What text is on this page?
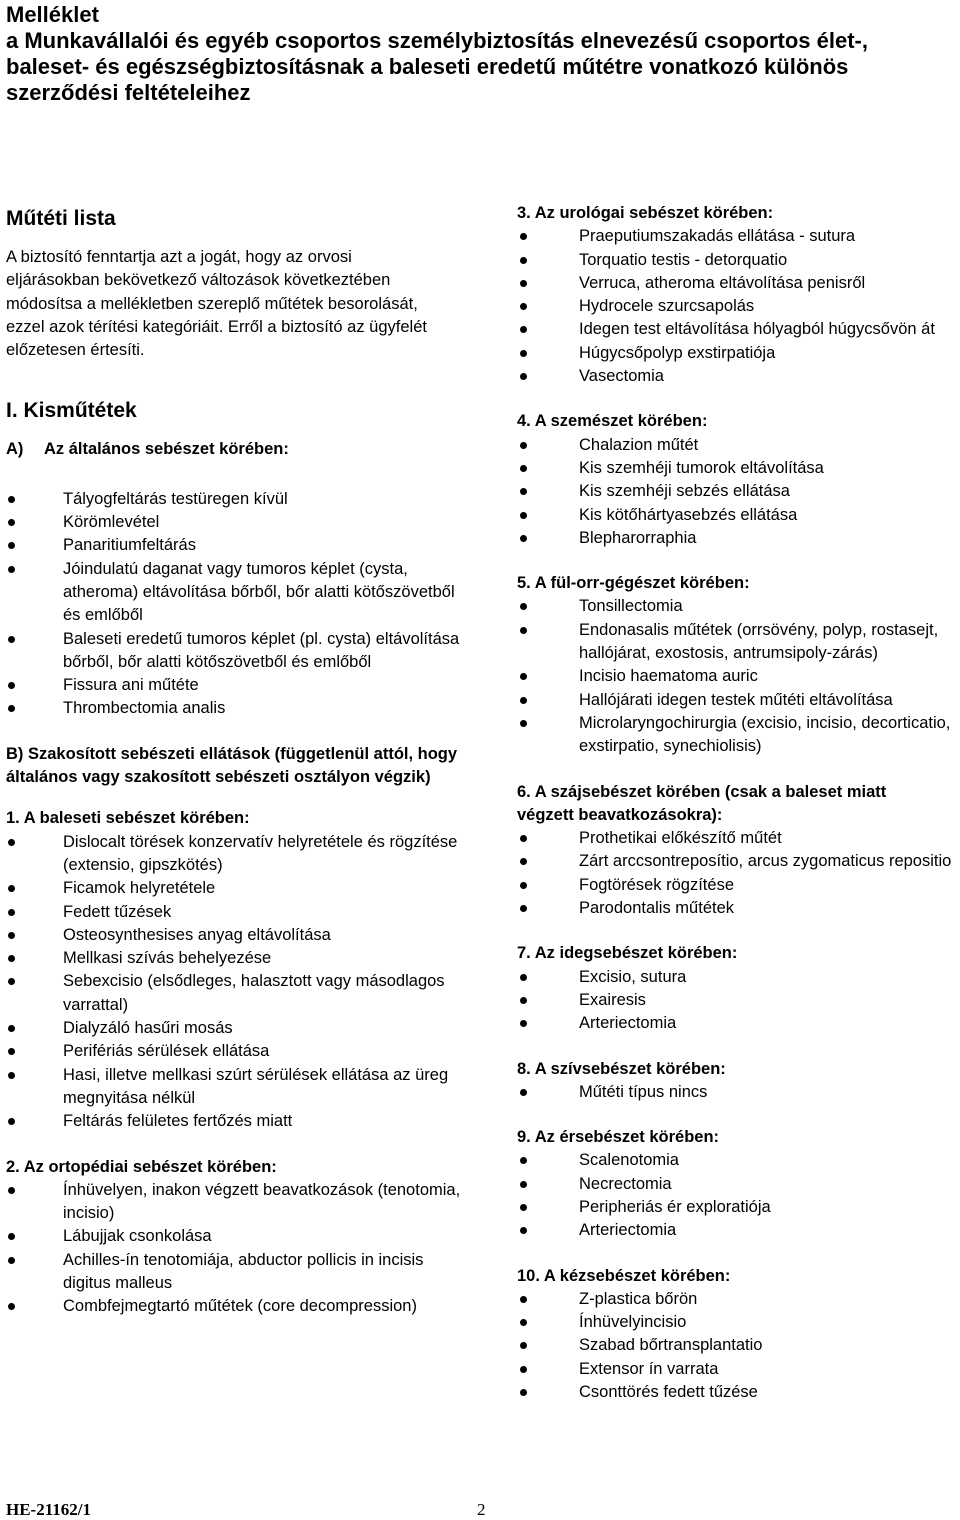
Melléklet

a Munkavállalói és egyéb csoportos személybiztosítás elnevezésű csoportos élet-, baleset- és egészségbiztosításnak a baleseti eredetű műtétre vonatkozó különös szerződési feltételeihez

Műtéti lista

A biztosító fenntartja azt a jogát, hogy az orvosi eljárásokban bekövetkező változások következtében módosítsa a mellékletben szereplő műtétek besorolását, ezzel azok térítési kategóriáit. Erről a biztosító az ügyfelét előzetesen értesíti.

I. Kisműtétek

A) Az általános sebészet körében:

Tályogfeltárás testüregen kívül
Körömlevétel
Panaritiumfeltárás
Jóindulatú daganat vagy tumoros képlet (cysta, atheroma) eltávolítása bőrből, bőr alatti kötőszövetből és emlőből
Baleseti eredetű tumoros képlet (pl. cysta) eltávolítása bőrből, bőr alatti kötőszövetből és emlőből
Fissura ani műtéte
Thrombectomia analis

B) Szakosított sebészeti ellátások (függetlenül attól, hogy általános vagy szakosított sebészeti osztályon végzik)

1. A baleseti sebészet körében:

Dislocalt törések konzervatív helyretétele és rögzítése (extensio, gipszkötés)
Ficamok helyretétele
Fedett tűzések
Osteosynthesises anyag eltávolítása
Mellkasi szívás behelyezése
Sebexcisio (elsődleges, halasztott vagy másodlagos varrattal)
Dialyzáló hasűri mosás
Perifériás sérülések ellátása
Hasi, illetve mellkasi szúrt sérülések ellátása az üreg megnyitása nélkül
Feltárás felületes fertőzés miatt

2. Az ortopédiai sebészet körében:

Ínhüvelyen, inakon végzett beavatkozások (tenotomia, incisio)
Lábujjak csonkolása
Achilles-ín tenotomiája, abductor pollicis in incisis digitus malleus
Combfejmegtartó műtétek (core decompression)

3. Az urológai sebészet körében:

Praeputiumszakadás ellátása - sutura
Torquatio testis - detorquatio
Verruca, atheroma eltávolítása penisről
Hydrocele szurcsapolás
Idegen test eltávolítása hólyagból húgycsővön át
Húgycsőpolyp exstirpatiója
Vasectomia

4. A szemészet körében:

Chalazion műtét
Kis szemhéji tumorok eltávolítása
Kis szemhéji sebzés ellátása
Kis kötőhártyasebzés ellátása
Blepharorraphia

5. A fül-orr-gégészet körében:

Tonsillectomia
Endonasalis műtétek (orrsövény, polyp, rostasejt, hallójárat, exostosis, antrumsipoly-zárás)
Incisio haematoma auric
Hallójárati idegen testek műtéti eltávolítása
Microlaryngochirurgia (excisio, incisio, decorticatio, exstirpatio, synechiolisis)

6. A szájsebészet körében (csak a baleset miatt végzett beavatkozásokra):

Prothetikai előkészítő műtét
Zárt arccsontreposítio, arcus zygomaticus repositio
Fogtörések rögzítése
Parodontalis műtétek

7. Az idegsebészet körében:

Excisio, sutura
Exairesis
Arteriectomia

8. A szívsebészet körében:

Műtéti típus nincs

9. Az érsebészet körében:

Scalenotomia
Necrectomia
Peripheriás ér exploratiója
Arteriectomia

10. A kézsebészet körében:

Z-plastica bőrön
Ínhüvelyincisio
Szabad bőrtransplantatio
Extensor ín varrata
Csonttörés fedett tűzése
HE-21162/1	2
